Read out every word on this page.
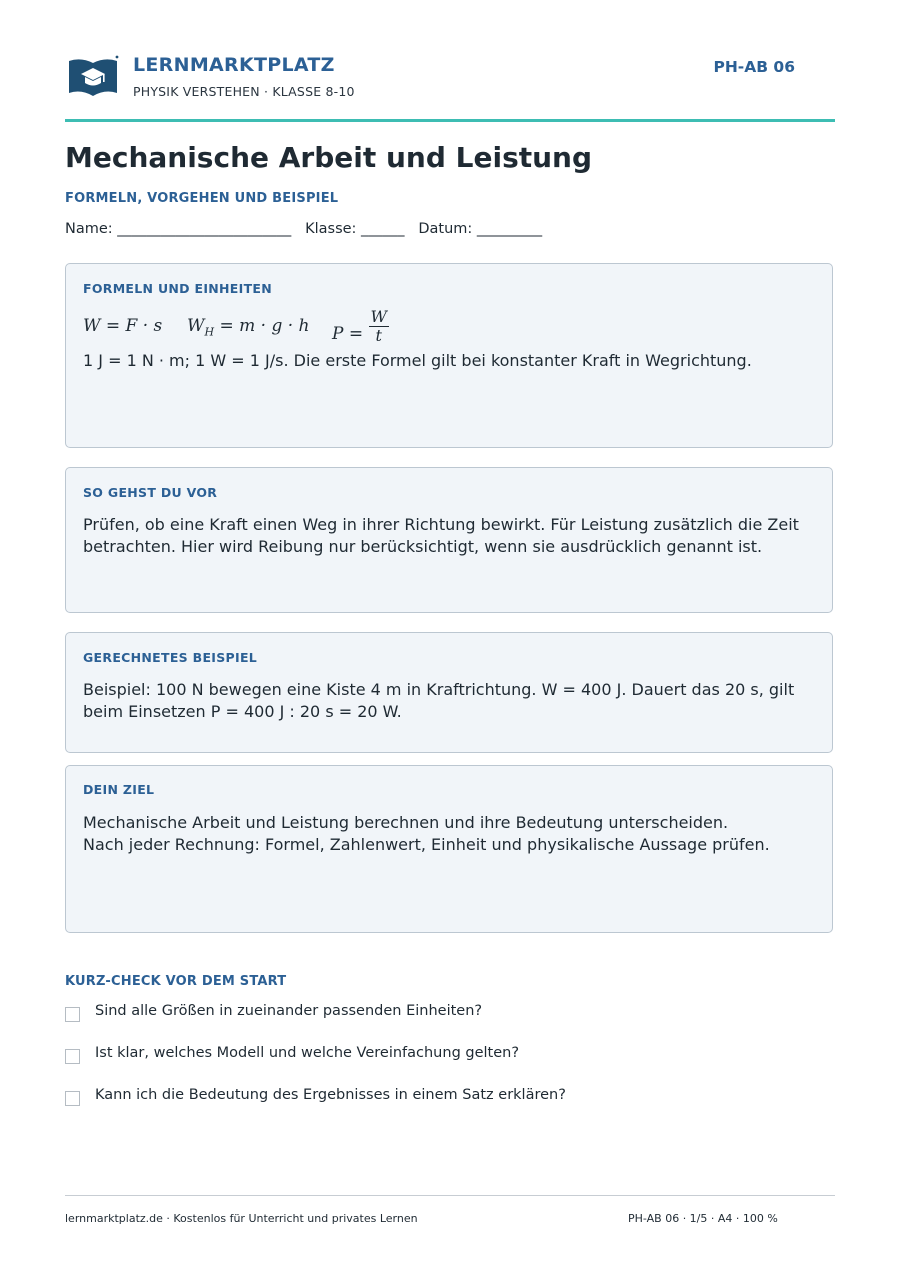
LERNMARKTPLATZ
PHYSIK VERSTEHEN · KLASSE 8-10
PH-AB 06
Mechanische Arbeit und Leistung
FORMELN, VORGEHEN UND BEISPIEL
Name: ________________________   Klasse: ______   Datum: _________
FORMELN UND EINHEITEN
W = F · s $W_H = m \cdot g \cdot h$ $P = \frac{W}{t}$
1 J = 1 N · m; 1 W = 1 J/s. Die erste Formel gilt bei konstanter Kraft in Wegrichtung.
SO GEHST DU VOR
Prüfen, ob eine Kraft einen Weg in ihrer Richtung bewirkt. Für Leistung zusätzlich die Zeit betrachten. Hier wird Reibung nur berücksichtigt, wenn sie ausdrücklich genannt ist.
GERECHNETES BEISPIEL
Beispiel: 100 N bewegen eine Kiste 4 m in Kraftrichtung. W = 400 J. Dauert das 20 s, gilt beim Einsetzen P = 400 J : 20 s = 20 W.
DEIN ZIEL
Mechanische Arbeit und Leistung berechnen und ihre Bedeutung unterscheiden.
Nach jeder Rechnung: Formel, Zahlenwert, Einheit und physikalische Aussage prüfen.
KURZ-CHECK VOR DEM START
Sind alle Größen in zueinander passenden Einheiten?
Ist klar, welches Modell und welche Vereinfachung gelten?
Kann ich die Bedeutung des Ergebnisses in einem Satz erklären?
lernmarktplatz.de · Kostenlos für Unterricht und privates Lernen	PH-AB 06 · 1/5 · A4 · 100 %
